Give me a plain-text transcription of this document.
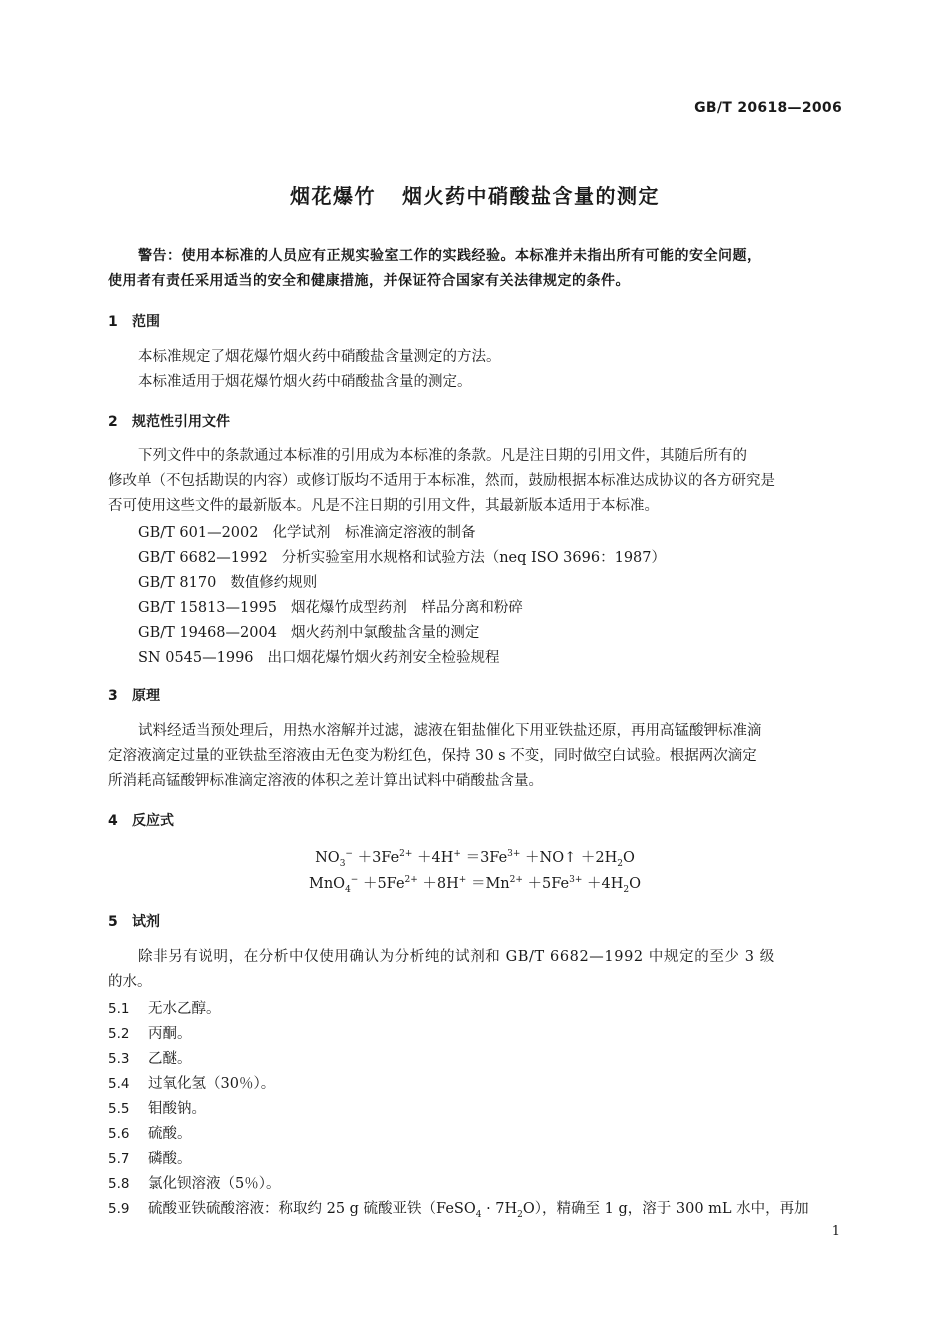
GB/T 20618—2006
烟花爆竹 烟火药中硝酸盐含量的测定
警告：使用本标准的人员应有正规实验室工作的实践经验。本标准并未指出所有可能的安全问题，
使用者有责任采用适当的安全和健康措施，并保证符合国家有关法律规定的条件。
1 范围
本标准规定了烟花爆竹烟火药中硝酸盐含量测定的方法。
本标准适用于烟花爆竹烟火药中硝酸盐含量的测定。
2 规范性引用文件
下列文件中的条款通过本标准的引用成为本标准的条款。凡是注日期的引用文件，其随后所有的
修改单（不包括勘误的内容）或修订版均不适用于本标准，然而，鼓励根据本标准达成协议的各方研究是
否可使用这些文件的最新版本。凡是不注日期的引用文件，其最新版本适用于本标准。
GB/T 601—2002 化学试剂　标准滴定溶液的制备
GB/T 6682—1992 分析实验室用水规格和试验方法（neq ISO 3696：1987）
GB/T 8170 数值修约规则
GB/T 15813—1995 烟花爆竹成型药剂　样品分离和粉碎
GB/T 19468—2004 烟火药剂中氯酸盐含量的测定
SN 0545—1996 出口烟花爆竹烟火药剂安全检验规程
3 原理
试料经适当预处理后，用热水溶解并过滤，滤液在钼盐催化下用亚铁盐还原，再用高锰酸钾标准滴
定溶液滴定过量的亚铁盐至溶液由无色变为粉红色，保持 30 s 不变，同时做空白试验。根据两次滴定
所消耗高锰酸钾标准滴定溶液的体积之差计算出试料中硝酸盐含量。
4 反应式
$NO_3^- +3Fe^{2+} +4H^+ =3Fe^{3+}$ ＋NO↑ $+2H_2O$
$MnO_4^- +5Fe^{2+} +8H^+ =Mn^{2+} +5Fe^{3+} +4H_2O$
5 试剂
除非另有说明，在分析中仅使用确认为分析纯的试剂和 GB/T 6682—1992 中规定的至少 3 级
的水。
5.1 无水乙醇。
5.2 丙酮。
5.3 乙醚。
5.4 过氧化氢（30％）。
5.5 钼酸钠。
5.6 硫酸。
5.7 磷酸。
5.8 氯化钡溶液（5％）。
5.9 硫酸亚铁硫酸溶液：称取约 25 g 硫酸亚铁（FeSO$_4$ · $7H_2O$），精确至 1 g，溶于 300 mL 水中，再加
1
